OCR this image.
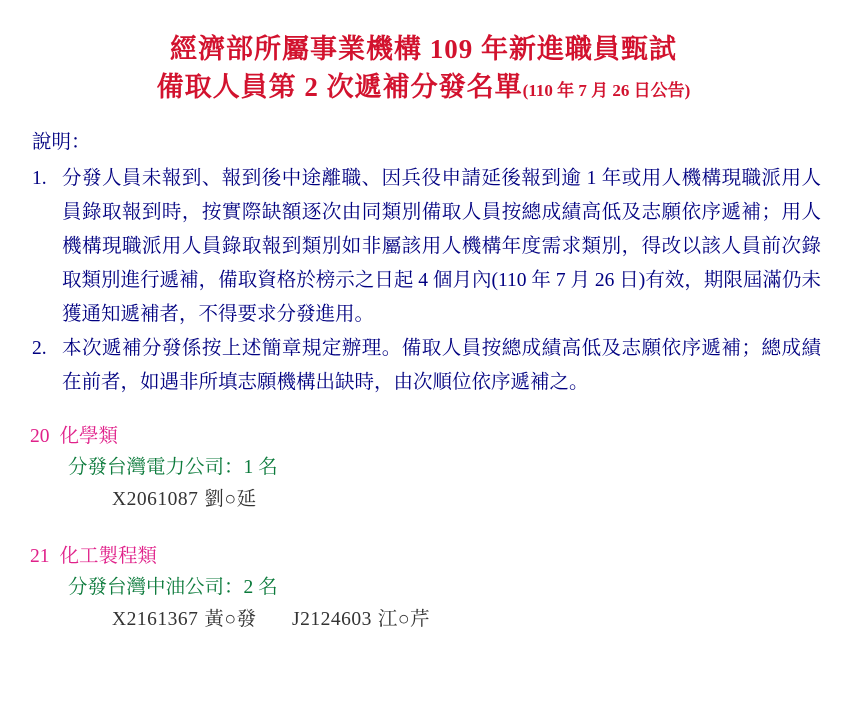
經濟部所屬事業機構 109 年新進職員甄試
備取人員第 2 次遞補分發名單(110 年 7 月 26 日公告)
說明：
1. 分發人員未報到、報到後中途離職、因兵役申請延後報到逾 1 年或用人機構現職派用人員錄取報到時，按實際缺額逐次由同類別備取人員按總成績高低及志願依序遞補；用人機構現職派用人員錄取報到類別如非屬該用人機構年度需求類別，得改以該人員前次錄取類別進行遞補，備取資格於榜示之日起 4 個月內(110 年 7 月 26 日)有效，期限屆滿仍未獲通知遞補者，不得要求分發進用。
2. 本次遞補分發係按上述簡章規定辦理。備取人員按總成績高低及志願依序遞補；總成績在前者，如遇非所填志願機構出缺時，由次順位依序遞補之。
20 化學類
分發台灣電力公司：1 名
X2061087 劉○延
21 化工製程類
分發台灣中油公司：2 名
X2161367 黃○發 J2124603 江○芹
